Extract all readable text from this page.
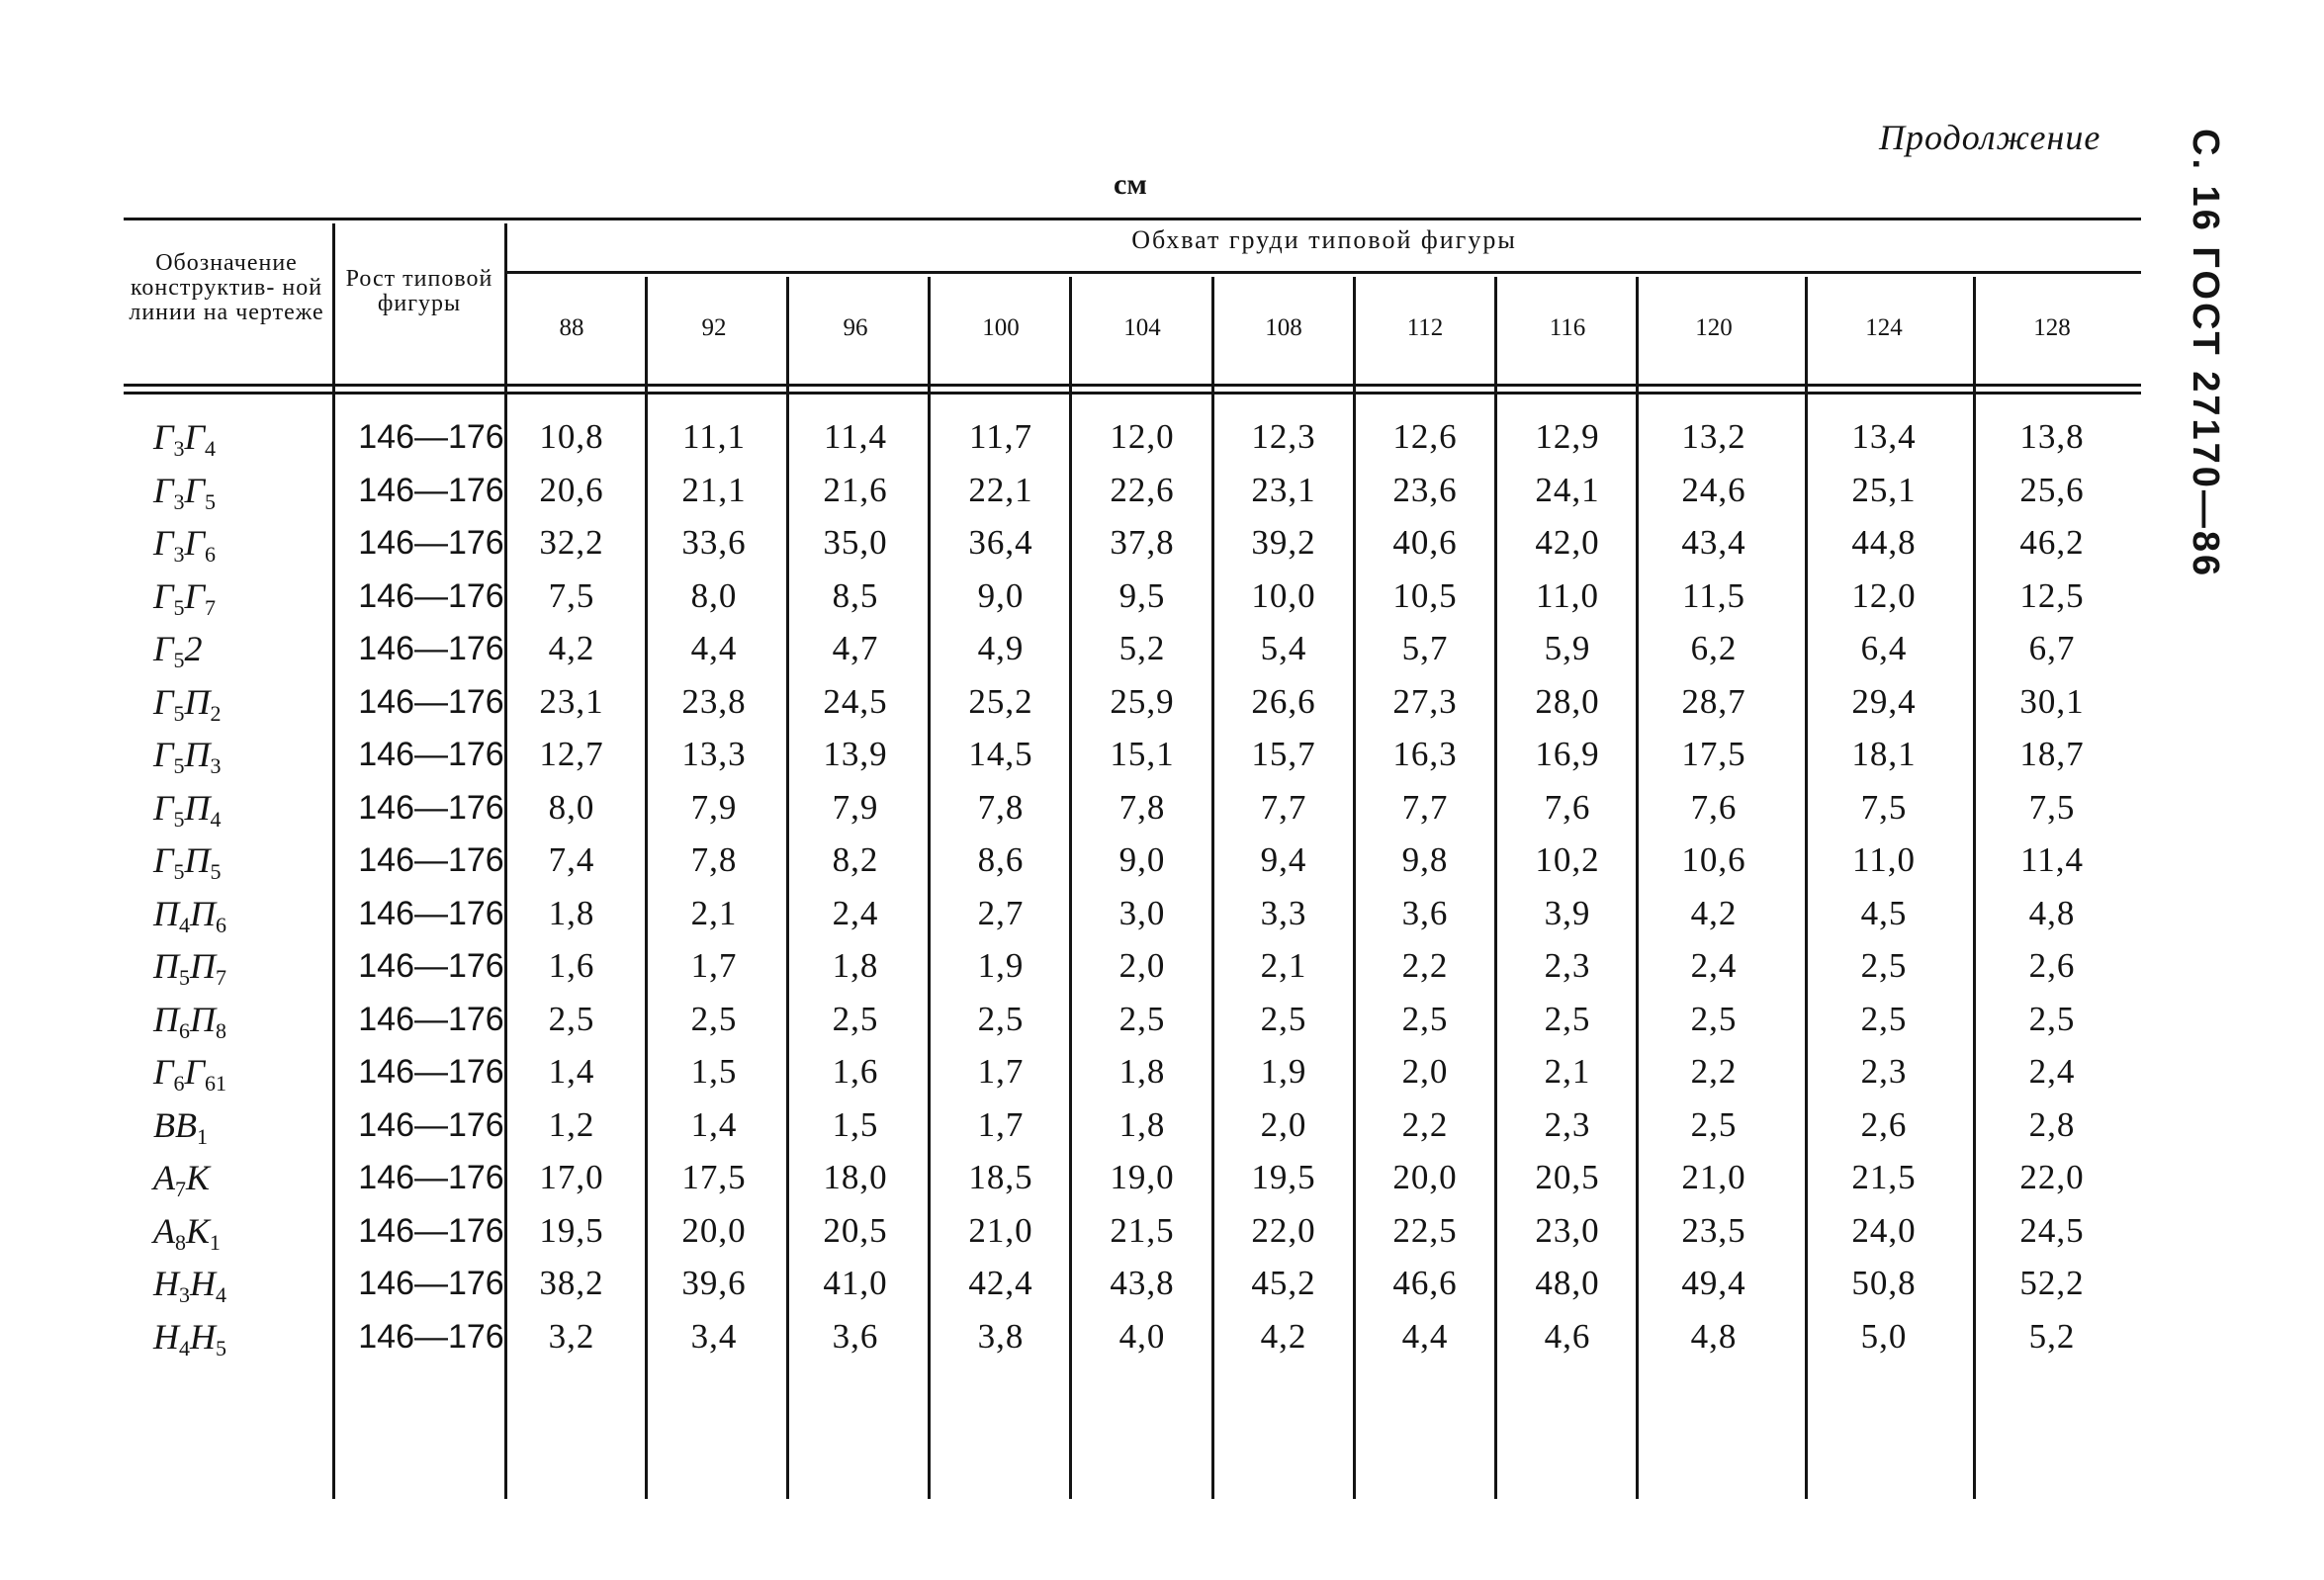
Продолжение С. 16 ГОСТ 27170—86
см
Обозначение конструктив- ной линии на чертеже
Рост типовой фигуры
Обхват груди типовой фигуры
88	92	96	100	104	108	112	116	120	124	128
$Г_3Г_4$	146—176	10,8	11,1	11,4	11,7	12,0	12,3	12,6	12,9	13,2	13,4	13,8
$Г_3Г_5$	146—176	20,6	21,1	21,6	22,1	22,6	23,1	23,6	24,1	24,6	25,1	25,6
$Г_3Г_6$	146—176	32,2	33,6	35,0	36,4	37,8	39,2	40,6	42,0	43,4	44,8	46,2
$Г_5Г_7$	146—176	7,5	8,0	8,5	9,0	9,5	10,0	10,5	11,0	11,5	12,0	12,5
$Г_52$	146—176	4,2	4,4	4,7	4,9	5,2	5,4	5,7	5,9	6,2	6,4	6,7
$Г_5П_2$	146—176	23,1	23,8	24,5	25,2	25,9	26,6	27,3	28,0	28,7	29,4	30,1
$Г_5П_3$	146—176	12,7	13,3	13,9	14,5	15,1	15,7	16,3	16,9	17,5	18,1	18,7
$Г_5П_4$	146—176	8,0	7,9	7,9	7,8	7,8	7,7	7,7	7,6	7,6	7,5	7,5
$Г_5П_5$	146—176	7,4	7,8	8,2	8,6	9,0	9,4	9,8	10,2	10,6	11,0	11,4
$П_4П_6$	146—176	1,8	2,1	2,4	2,7	3,0	3,3	3,6	3,9	4,2	4,5	4,8
$П_5П_7$	146—176	1,6	1,7	1,8	1,9	2,0	2,1	2,2	2,3	2,4	2,5	2,6
$П_6П_8$	146—176	2,5	2,5	2,5	2,5	2,5	2,5	2,5	2,5	2,5	2,5	2,5
$Г_6Г_{61}$	146—176	1,4	1,5	1,6	1,7	1,8	1,9	2,0	2,1	2,2	2,3	2,4
$ВВ_1$	146—176	1,2	1,4	1,5	1,7	1,8	2,0	2,2	2,3	2,5	2,6	2,8
$А_7К$	146—176	17,0	17,5	18,0	18,5	19,0	19,5	20,0	20,5	21,0	21,5	22,0
$А_8К_1$	146—176	19,5	20,0	20,5	21,0	21,5	22,0	22,5	23,0	23,5	24,0	24,5
$Н_3Н_4$	146—176	38,2	39,6	41,0	42,4	43,8	45,2	46,6	48,0	49,4	50,8	52,2
$Н_4Н_5$	146—176	3,2	3,4	3,6	3,8	4,0	4,2	4,4	4,6	4,8	5,0	5,2
